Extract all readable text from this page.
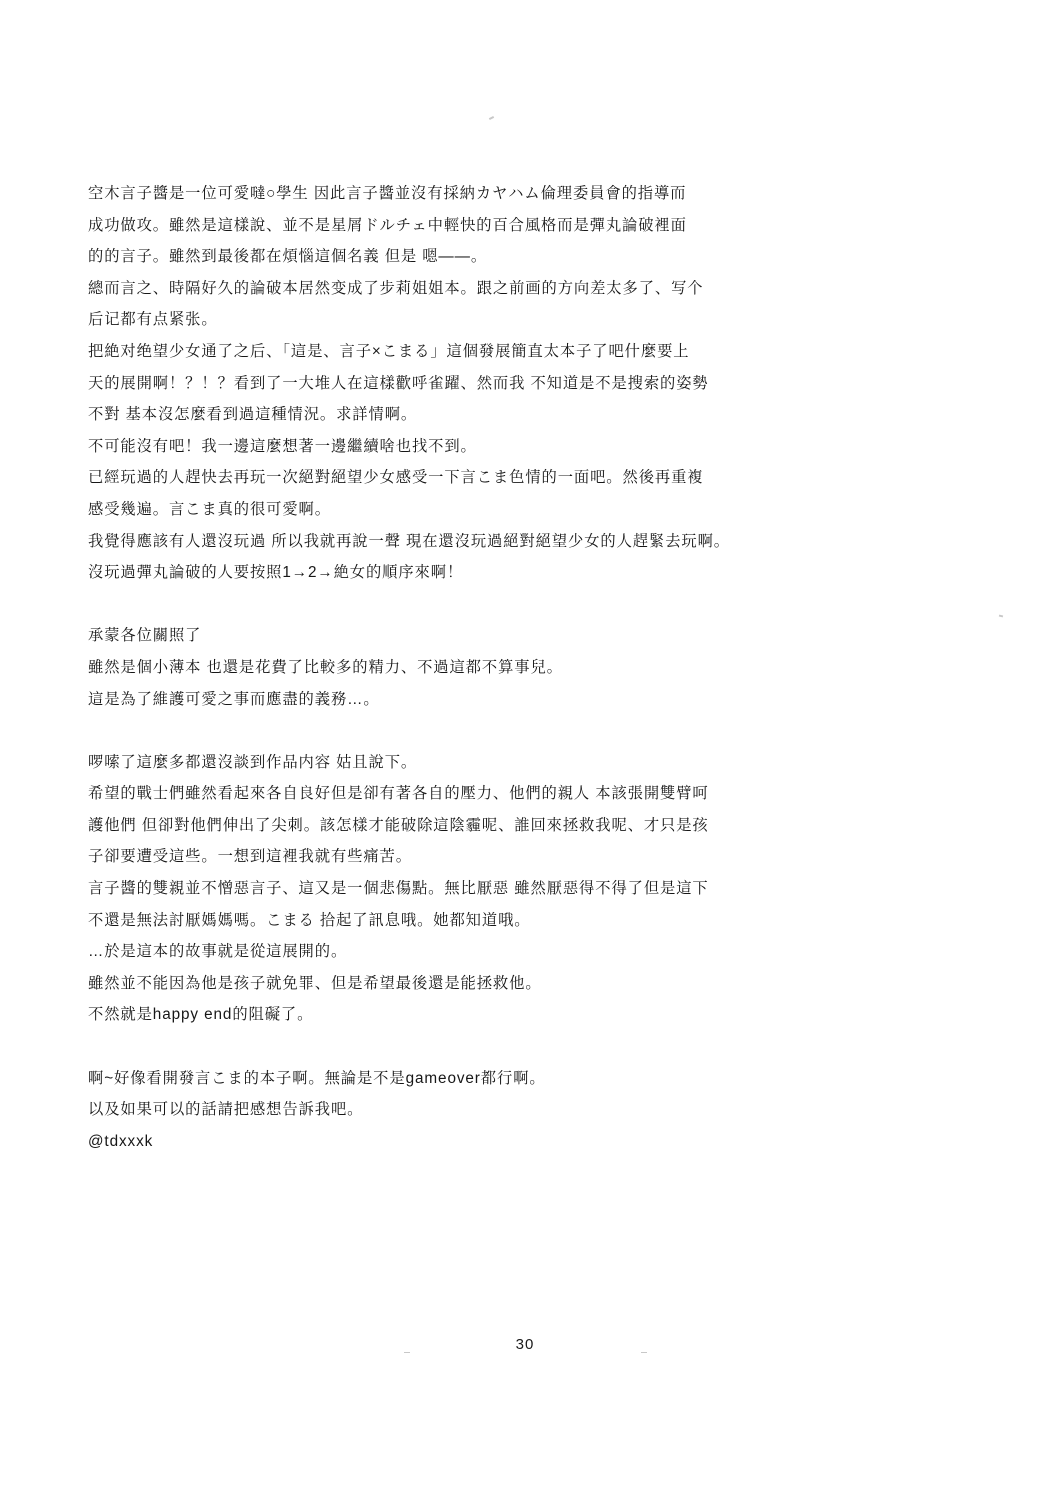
空木言子醬是一位可愛噠○學生 因此言子醬並沒有採納カヤハム倫理委員會的指導而

成功做攻。雖然是這樣說、並不是星屑ドルチェ中輕快的百合風格而是彈丸論破裡面

的的言子。雖然到最後都在煩惱這個名義 但是 嗯――。

總而言之、時隔好久的論破本居然变成了步莉姐姐本。跟之前画的方向差太多了、写个

后记都有点紧张。

把絶对绝望少女通了之后、「這是、言子×こまる」這個發展簡直太本子了吧什麼要上

天的展開啊！？！？看到了一大堆人在這樣歡呼雀躍、然而我 不知道是不是搜索的姿勢

不對 基本沒怎麼看到過這種情況。求詳情啊。

不可能沒有吧！我一邊這麼想著一邊繼續啥也找不到。

已經玩過的人趕快去再玩一次絕對絕望少女感受一下言こま色情的一面吧。然後再重複

感受幾遍。言こま真的很可愛啊。

我覺得應該有人還沒玩過 所以我就再說一聲 現在還沒玩過絕對絕望少女的人趕緊去玩啊。

沒玩過彈丸論破的人要按照1→2→絶女的順序來啊！

承蒙各位關照了

雖然是個小薄本 也還是花費了比較多的精力、不過這都不算事兒。

這是為了維護可愛之事而應盡的義務…。

啰嗦了這麼多都還沒談到作品内容 姑且說下。

希望的戰士們雖然看起來各自良好但是卻有著各自的壓力、他們的親人 本該張開雙臂呵

護他們 但卻對他們伸出了尖刺。該怎樣才能破除這陰霾呢、誰回來拯救我呢、才只是孩

子卻要遭受這些。一想到這裡我就有些痛苦。

言子醬的雙親並不憎惡言子、這又是一個悲傷點。無比厭惡 雖然厭惡得不得了但是這下

不還是無法討厭媽媽嗎。こまる 拾起了訊息哦。她都知道哦。

…於是這本的故事就是從這展開的。

雖然並不能因為他是孩子就免罪、但是希望最後還是能拯救他。

不然就是happy end的阻礙了。

啊~好像看開發言こま的本子啊。無論是不是gameover都行啊。

以及如果可以的話請把感想告訴我吧。

@tdxxxk

30
